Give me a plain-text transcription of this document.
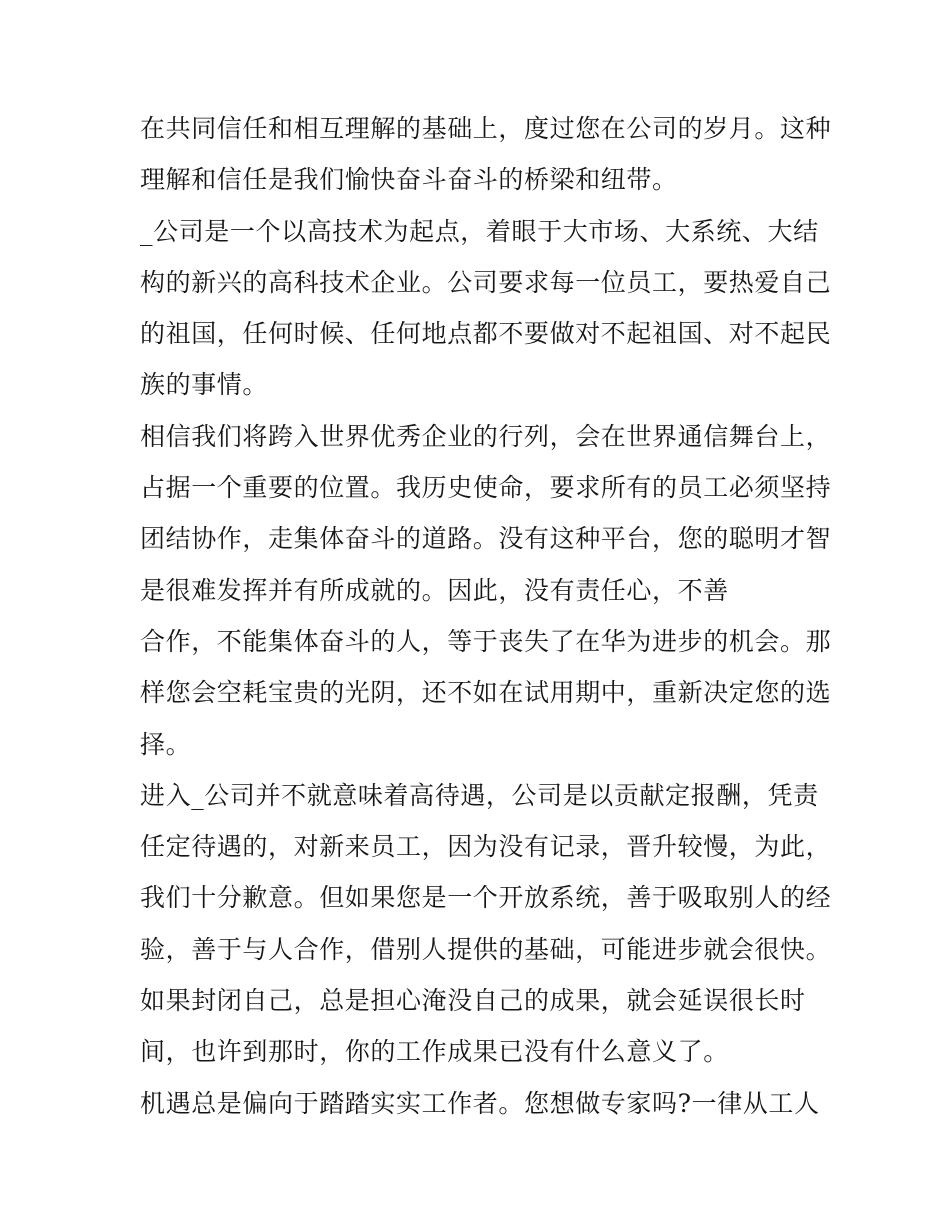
在共同信任和相互理解的基础上，度过您在公司的岁月。这种
理解和信任是我们愉快奋斗奋斗的桥梁和纽带。
_公司是一个以高技术为起点，着眼于大市场、大系统、大结
构的新兴的高科技术企业。公司要求每一位员工，要热爱自己
的祖国，任何时候、任何地点都不要做对不起祖国、对不起民
族的事情。
相信我们将跨入世界优秀企业的行列，会在世界通信舞台上，
占据一个重要的位置。我历史使命，要求所有的员工必须坚持
团结协作，走集体奋斗的道路。没有这种平台，您的聪明才智
是很难发挥并有所成就的。因此，没有责任心，不善
合作，不能集体奋斗的人，等于丧失了在华为进步的机会。那
样您会空耗宝贵的光阴，还不如在试用期中，重新决定您的选
择。
进入_公司并不就意味着高待遇，公司是以贡献定报酬，凭责
任定待遇的，对新来员工，因为没有记录，晋升较慢，为此，
我们十分歉意。但如果您是一个开放系统，善于吸取别人的经
验，善于与人合作，借别人提供的基础，可能进步就会很快。
如果封闭自己，总是担心淹没自己的成果，就会延误很长时
间，也许到那时，你的工作成果已没有什么意义了。
机遇总是偏向于踏踏实实工作者。您想做专家吗?一律从工人
